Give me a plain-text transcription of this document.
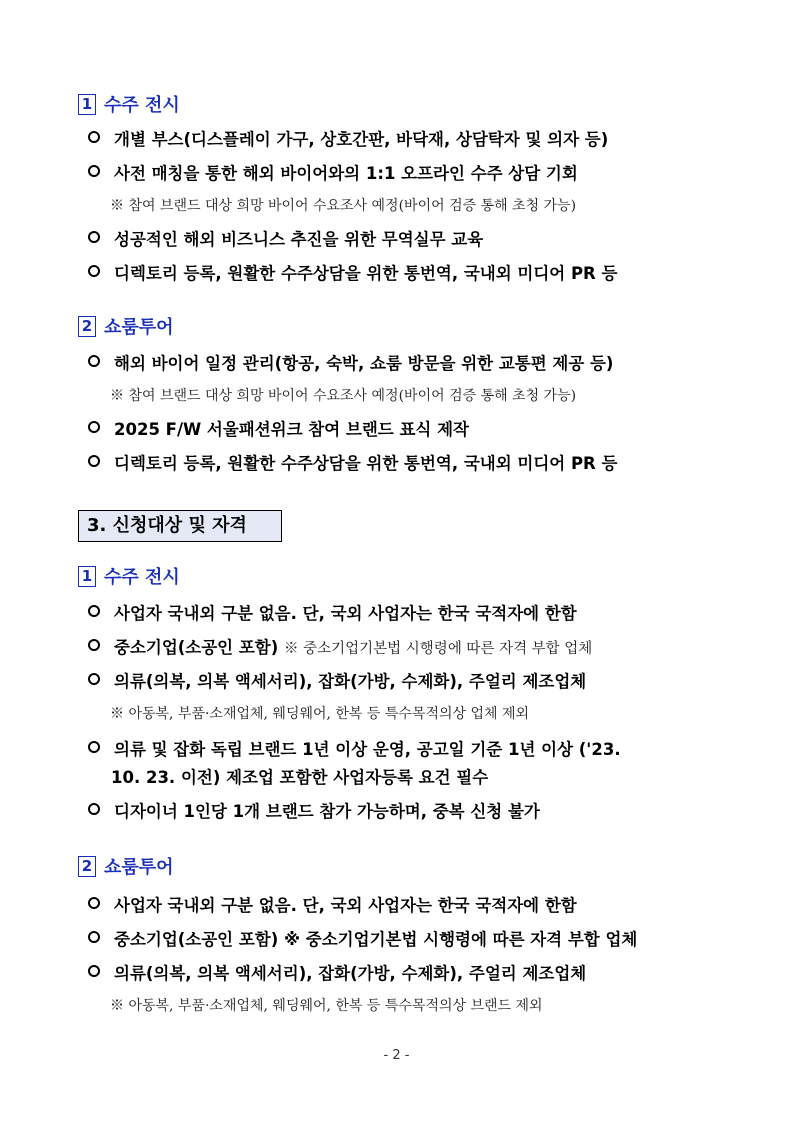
1 수주 전시
개별 부스(디스플레이 가구, 상호간판, 바닥재, 상담탁자 및 의자 등)
사전 매칭을 통한 해외 바이어와의 1:1 오프라인 수주 상담 기회
※ 참여 브랜드 대상 희망 바이어 수요조사 예정(바이어 검증 통해 초청 가능)
성공적인 해외 비즈니스 추진을 위한 무역실무 교육
디렉토리 등록, 원활한 수주상담을 위한 통번역, 국내외 미디어 PR 등
2 쇼룸투어
해외 바이어 일정 관리(항공, 숙박, 쇼룸 방문을 위한 교통편 제공 등)
※ 참여 브랜드 대상 희망 바이어 수요조사 예정(바이어 검증 통해 초청 가능)
2025 F/W 서울패션위크 참여 브랜드 표식 제작
디렉토리 등록, 원활한 수주상담을 위한 통번역, 국내외 미디어 PR 등
3. 신청대상 및 자격
1 수주 전시
사업자 국내외 구분 없음. 단, 국외 사업자는 한국 국적자에 한함
중소기업(소공인 포함)
※ 중소기업기본법 시행령에 따른 자격 부합 업체
의류(의복, 의복 액세서리), 잡화(가방, 수제화), 주얼리 제조업체
※ 아동복, 부품·소재업체, 웨딩웨어, 한복 등 특수목적의상 업체 제외
의류 및 잡화 독립 브랜드 1년 이상 운영, 공고일 기준 1년 이상 ('23.
10. 23. 이전) 제조업 포함한 사업자등록 요건 필수
디자이너 1인당 1개 브랜드 참가 가능하며, 중복 신청 불가
2 쇼룸투어
사업자 국내외 구분 없음. 단, 국외 사업자는 한국 국적자에 한함
중소기업(소공인 포함) ※ 중소기업기본법 시행령에 따른 자격 부합 업체
의류(의복, 의복 액세서리), 잡화(가방, 수제화), 주얼리 제조업체
※ 아동복, 부품·소재업체, 웨딩웨어, 한복 등 특수목적의상 브랜드 제외
- 2 -
